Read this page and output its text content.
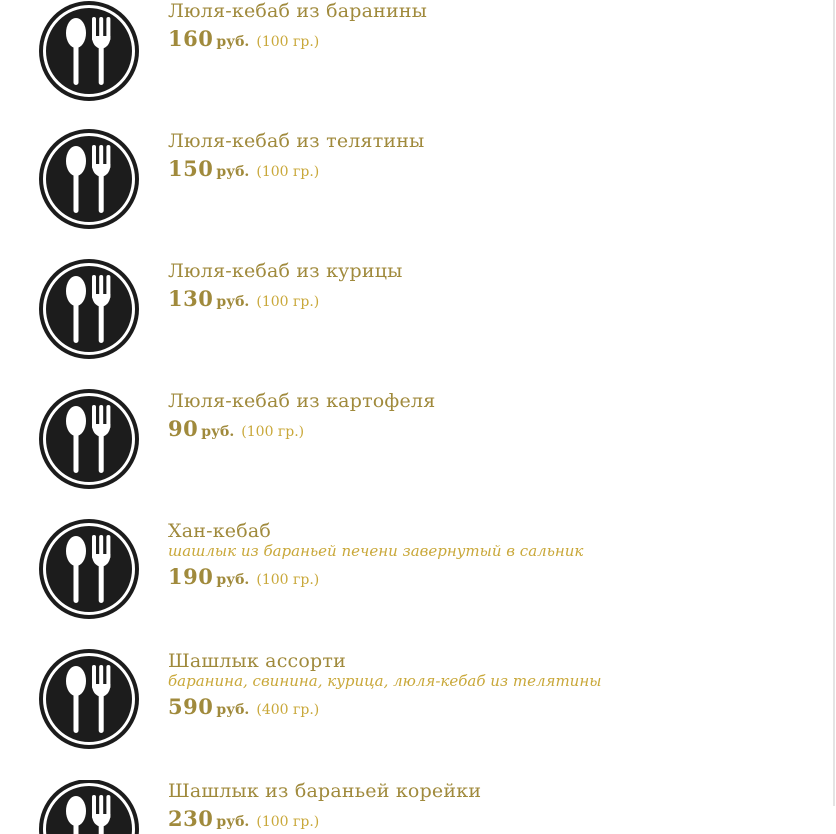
Люля-кебаб из баранины
160 руб. (100 гр.)
Люля-кебаб из телятины
150 руб. (100 гр.)
Люля-кебаб из курицы
130 руб. (100 гр.)
Люля-кебаб из картофеля
90 руб. (100 гр.)
Хан-кебаб
шашлык из бараньей печени завернутый в сальник
190 руб. (100 гр.)
Шашлык ассорти
баранина, свинина, курица, люля-кебаб из телятины
590 руб. (400 гр.)
Шашлык из бараньей корейки
230 руб. (100 гр.)
